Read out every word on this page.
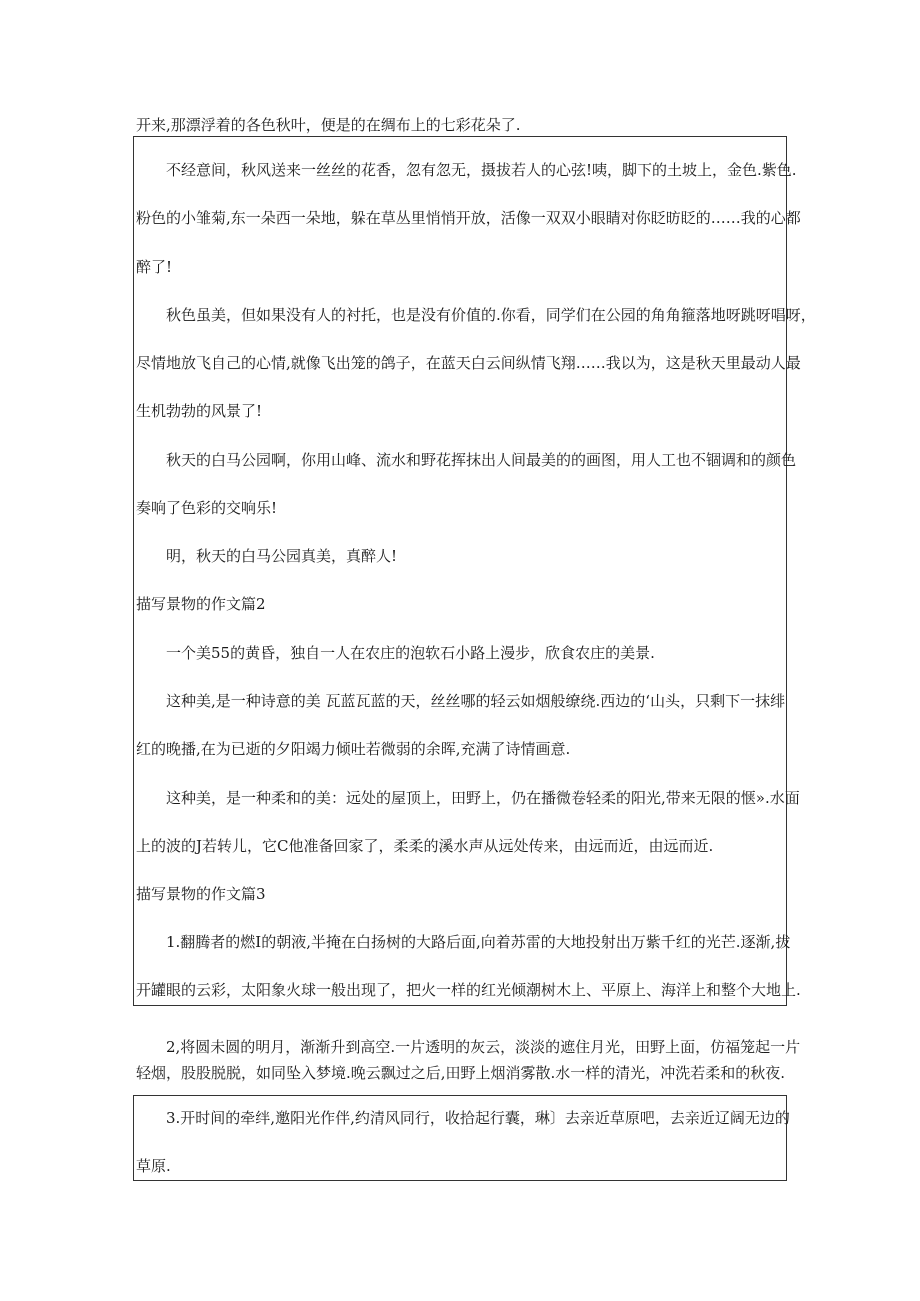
开来,那漂浮着的各色秋叶，便是的在绸布上的七彩花朵了.
不经意间，秋风送来一丝丝的花香，忽有忽无，摄拔若人的心弦!咦，脚下的土坡上，金色.紫色.
粉色的小雏菊,东一朵西一朵地，躲在草丛里悄悄开放，活像一双双小眼睛对你眨昉眨的……我的心都
醉了!
秋色虽美，但如果没有人的衬托，也是没有价值的.你看，同学们在公园的角角箍落地呀跳呀唱呀，
尽情地放飞自己的心情,就像飞出笼的鸽子，在蓝天白云间纵情飞翔……我以为，这是秋天里最动人最
生机勃勃的风景了!
秋天的白马公园啊，你用山峰、流水和野花挥抹出人间最美的的画图，用人工也不锢调和的颜色
奏响了色彩的交响乐!
明，秋天的白马公园真美，真醉人!
描写景物的作文篇2
一个美55的黄昏，独自一人在农庄的泡软石小路上漫步，欣食农庄的美景.
这种美,是一种诗意的美 瓦蓝瓦蓝的天，丝丝哪的轻云如烟般缭绕.西边的‘山头，只剩下一抹绯
红的晚播,在为已逝的夕阳竭力倾吐若微弱的余晖,充满了诗情画意.
这种美，是一种柔和的美：远处的屋顶上，田野上，仍在播微卷轻柔的阳光,带来无限的惬».水面
上的波的J若转儿，它C他准备回家了，柔柔的溪水声从远处传来，由远而近，由远而近.
描写景物的作文篇3
1.翻腾者的燃I的朝液,半掩在白扬树的大路后面,向着苏雷的大地投射出万紫千红的光芒.逐渐,拔
开罐眼的云彩，太阳象火球一般出现了，把火一样的红光倾潮树木上、平原上、海洋上和整个大地上.
2,将圆未圆的明月，渐渐升到高空.一片透明的灰云，淡淡的遮住月光，田野上面，仿福笼起一片
轻烟，股股脱脱，如同坠入梦境.晚云飘过之后,田野上烟消雾散.水一样的清光，冲洗若柔和的秋夜.
3.开时间的牵绊,邀阳光作伴,约清风同行，收拾起行囊，琳〕去亲近草原吧，去亲近辽阔无边的
草原.
